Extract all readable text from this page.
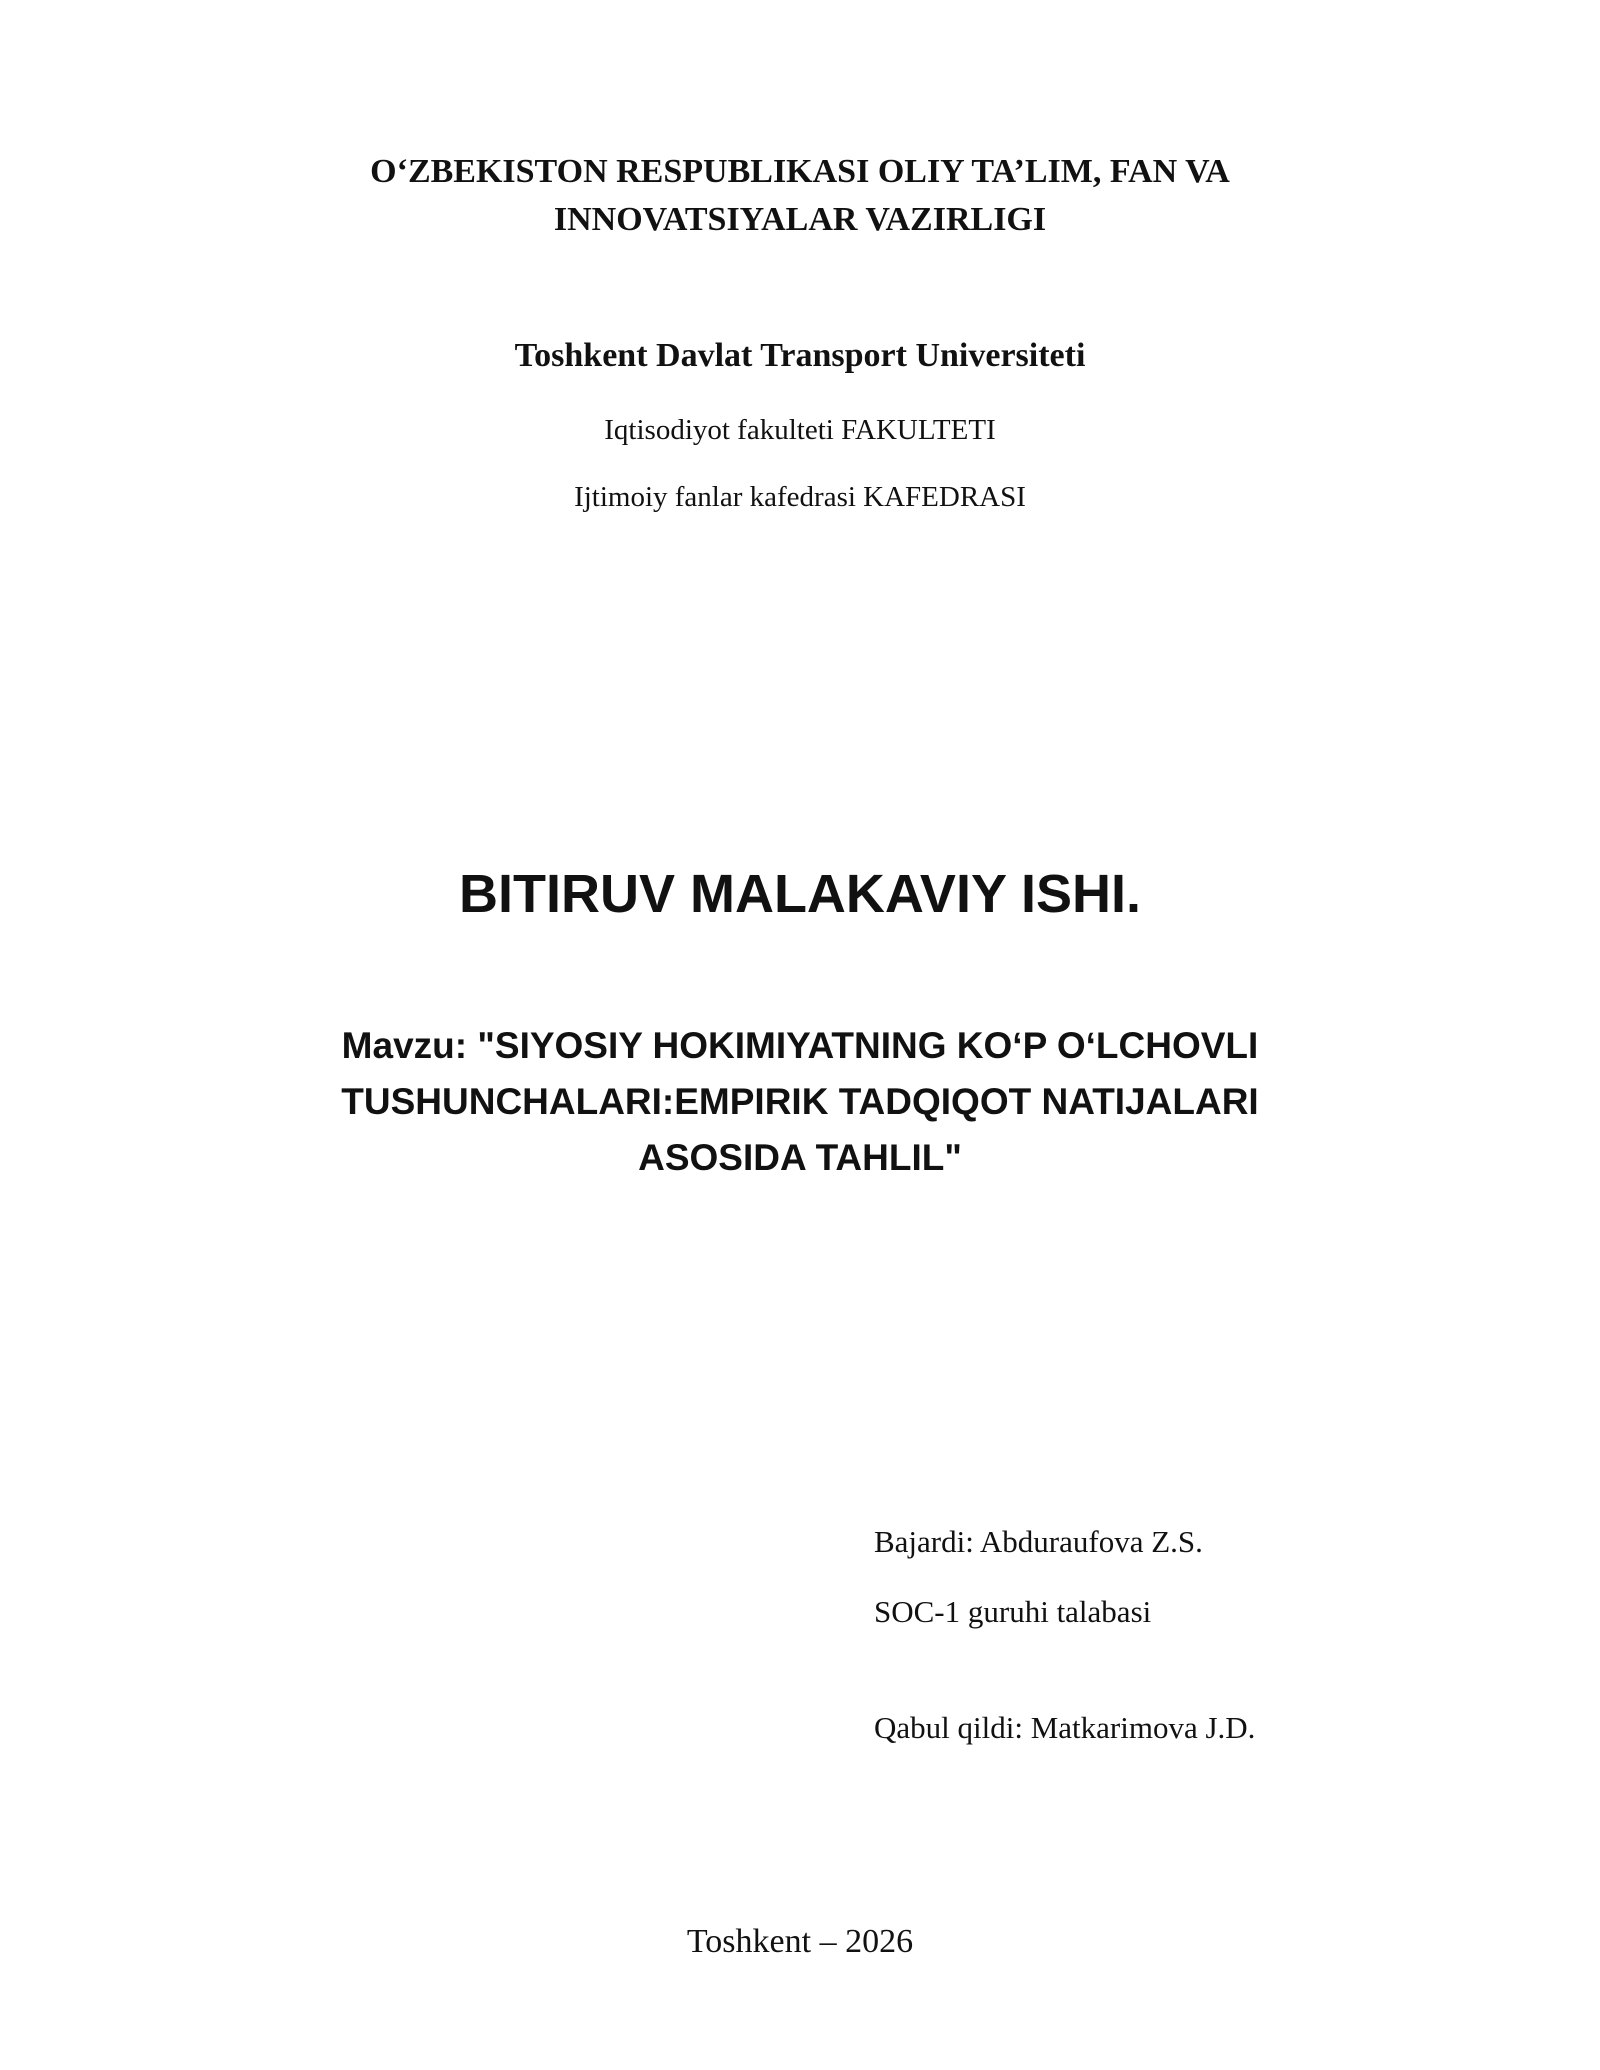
O‘ZBEKISTON RESPUBLIKASI OLIY TA’LIM, FAN VA
INNOVATSIYALAR VAZIRLIGI
Toshkent Davlat Transport Universiteti
Iqtisodiyot fakulteti FAKULTETI
Ijtimoiy fanlar kafedrasi KAFEDRASI
BITIRUV MALAKAVIY ISHI.
Mavzu: "SIYOSIY HOKIMIYATNING KO‘P O‘LCHOVLI
TUSHUNCHALARI:EMPIRIK TADQIQOT NATIJALARI
ASOSIDA TAHLIL"
Bajardi: Abduraufova Z.S.
SOC-1 guruhi talabasi
Qabul qildi: Matkarimova J.D.
Toshkent – 2026
